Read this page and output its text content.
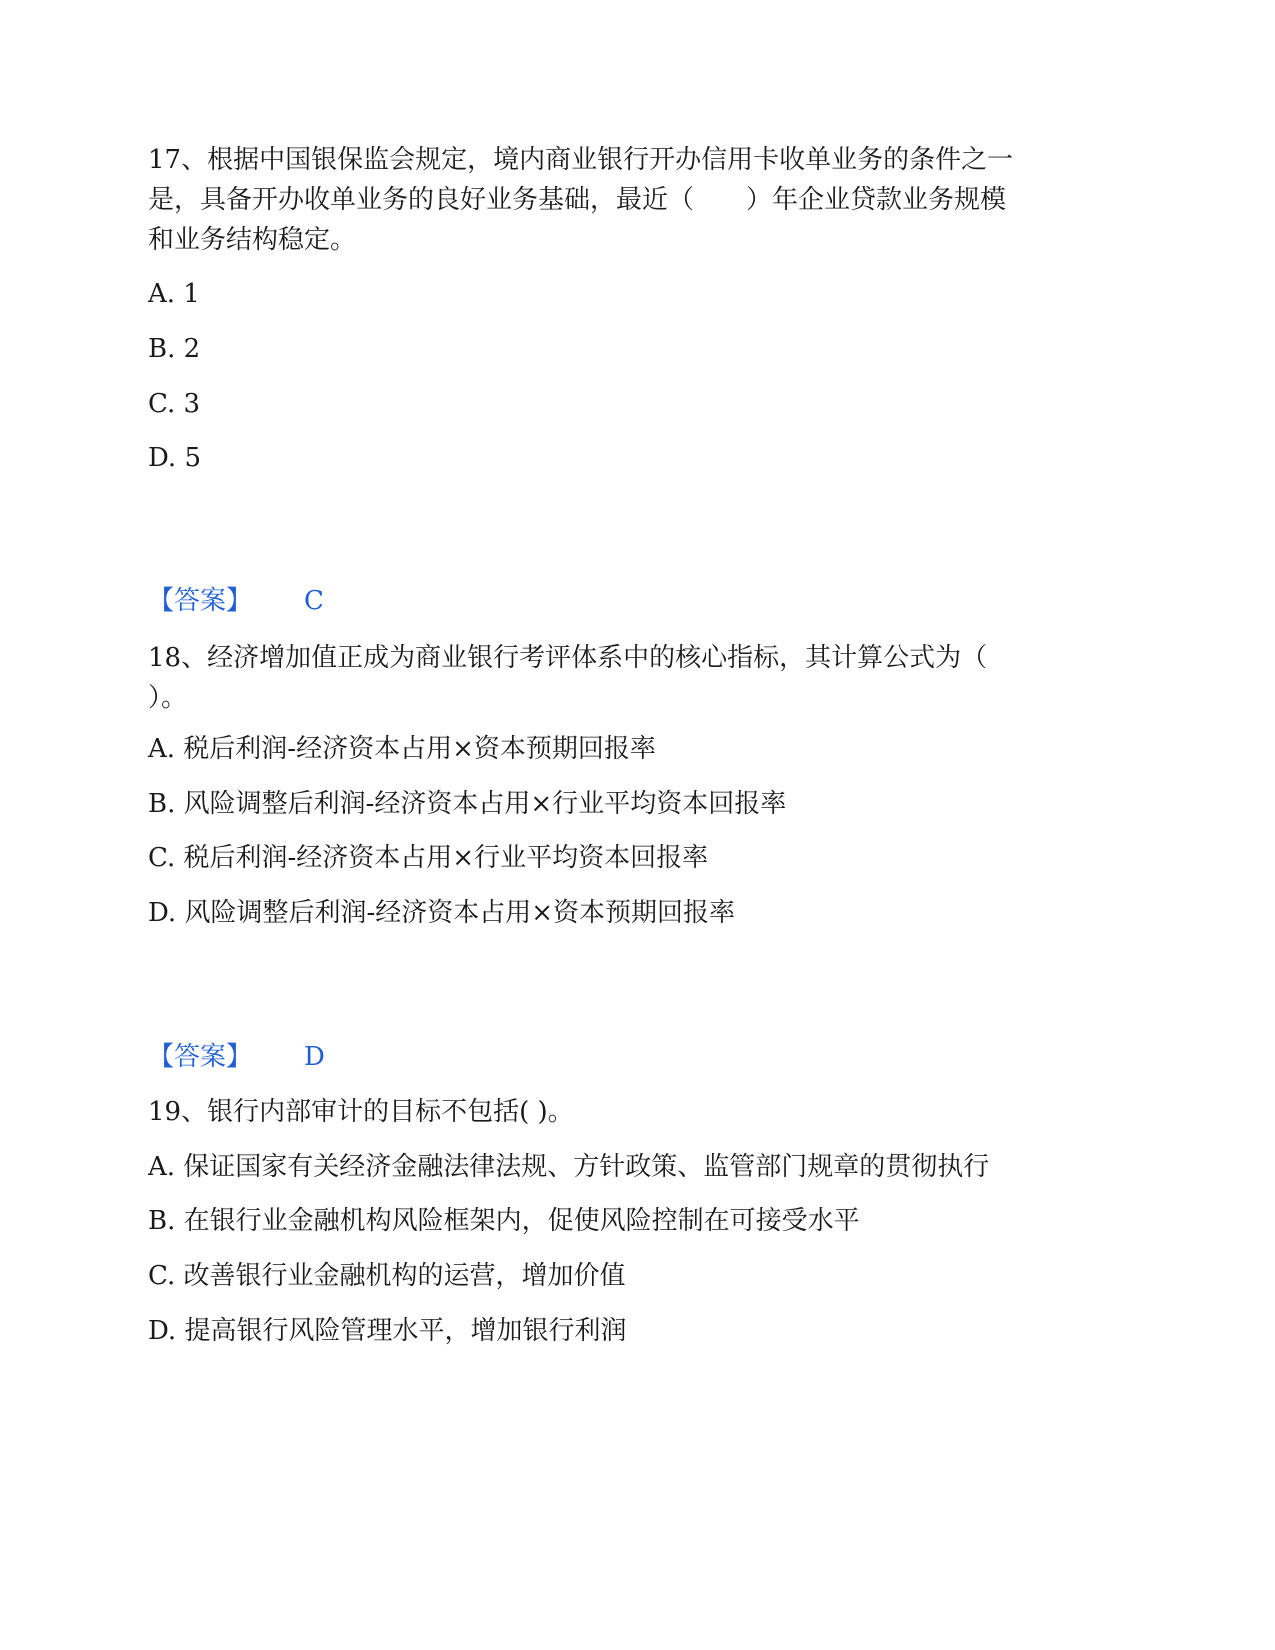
17、根据中国银保监会规定，境内商业银行开办信用卡收单业务的条件之一
是，具备开办收单业务的良好业务基础，最近（　　）年企业贷款业务规模
和业务结构稳定。
A. 1
B. 2
C. 3
D. 5
【答案】 C
18、经济增加值正成为商业银行考评体系中的核心指标，其计算公式为（
）。
A. 税后利润-经济资本占用×资本预期回报率
B. 风险调整后利润-经济资本占用×行业平均资本回报率
C. 税后利润-经济资本占用×行业平均资本回报率
D. 风险调整后利润-经济资本占用×资本预期回报率
【答案】 D
19、银行内部审计的目标不包括( )。
A. 保证国家有关经济金融法律法规、方针政策、监管部门规章的贯彻执行
B. 在银行业金融机构风险框架内，促使风险控制在可接受水平
C. 改善银行业金融机构的运营，增加价值
D. 提高银行风险管理水平，增加银行利润
